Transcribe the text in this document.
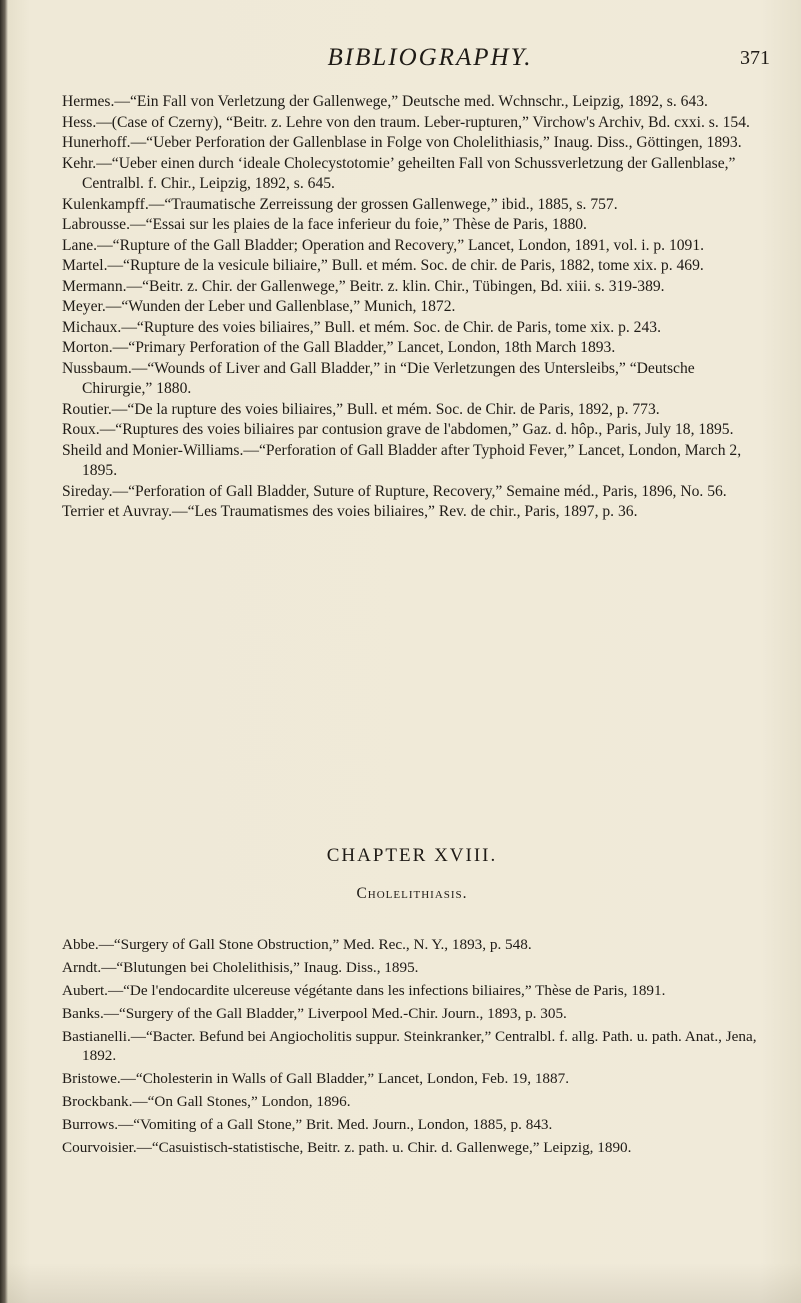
BIBLIOGRAPHY.	371

Hermes.—“Ein Fall von Verletzung der Gallenwege,” Deutsche med. Wchnschr., Leipzig, 1892, s. 643.

Hess.—(Case of Czerny), “Beitr. z. Lehre von den traum. Leber-rupturen,” Virchow's Archiv, Bd. cxxi. s. 154.

Hunerhoff.—“Ueber Perforation der Gallenblase in Folge von Cholelithiasis,” Inaug. Diss., Göttingen, 1893.

Kehr.—“Ueber einen durch ‘ideale Cholecystotomie’ geheilten Fall von Schussverletzung der Gallenblase,” Centralbl. f. Chir., Leipzig, 1892, s. 645.

Kulenkampff.—“Traumatische Zerreissung der grossen Gallenwege,” ibid., 1885, s. 757.

Labrousse.—“Essai sur les plaies de la face inferieur du foie,” Thèse de Paris, 1880.

Lane.—“Rupture of the Gall Bladder; Operation and Recovery,” Lancet, London, 1891, vol. i. p. 1091.

Martel.—“Rupture de la vesicule biliaire,” Bull. et mém. Soc. de chir. de Paris, 1882, tome xix. p. 469.

Mermann.—“Beitr. z. Chir. der Gallenwege,” Beitr. z. klin. Chir., Tübingen, Bd. xiii. s. 319-389.

Meyer.—“Wunden der Leber und Gallenblase,” Munich, 1872.

Michaux.—“Rupture des voies biliaires,” Bull. et mém. Soc. de Chir. de Paris, tome xix. p. 243.

Morton.—“Primary Perforation of the Gall Bladder,” Lancet, London, 18th March 1893.

Nussbaum.—“Wounds of Liver and Gall Bladder,” in “Die Verletzungen des Untersleibs,” “Deutsche Chirurgie,” 1880.

Routier.—“De la rupture des voies biliaires,” Bull. et mém. Soc. de Chir. de Paris, 1892, p. 773.

Roux.—“Ruptures des voies biliaires par contusion grave de l'abdomen,” Gaz. d. hôp., Paris, July 18, 1895.

Sheild and Monier-Williams.—“Perforation of Gall Bladder after Typhoid Fever,” Lancet, London, March 2, 1895.

Sireday.—“Perforation of Gall Bladder, Suture of Rupture, Recovery,” Semaine méd., Paris, 1896, No. 56.

Terrier et Auvray.—“Les Traumatismes des voies biliaires,” Rev. de chir., Paris, 1897, p. 36.

CHAPTER XVIII.

Cholelithiasis.

Abbe.—“Surgery of Gall Stone Obstruction,” Med. Rec., N. Y., 1893, p. 548.

Arndt.—“Blutungen bei Cholelithisis,” Inaug. Diss., 1895.

Aubert.—“De l'endocardite ulcereuse végétante dans les infections biliaires,” Thèse de Paris, 1891.

Banks.—“Surgery of the Gall Bladder,” Liverpool Med.-Chir. Journ., 1893, p. 305.

Bastianelli.—“Bacter. Befund bei Angiocholitis suppur. Steinkranker,” Centralbl. f. allg. Path. u. path. Anat., Jena, 1892.

Bristowe.—“Cholesterin in Walls of Gall Bladder,” Lancet, London, Feb. 19, 1887.

Brockbank.—“On Gall Stones,” London, 1896.

Burrows.—“Vomiting of a Gall Stone,” Brit. Med. Journ., London, 1885, p. 843.

Courvoisier.—“Casuistisch-statistische, Beitr. z. path. u. Chir. d. Gallenwege,” Leipzig, 1890.
